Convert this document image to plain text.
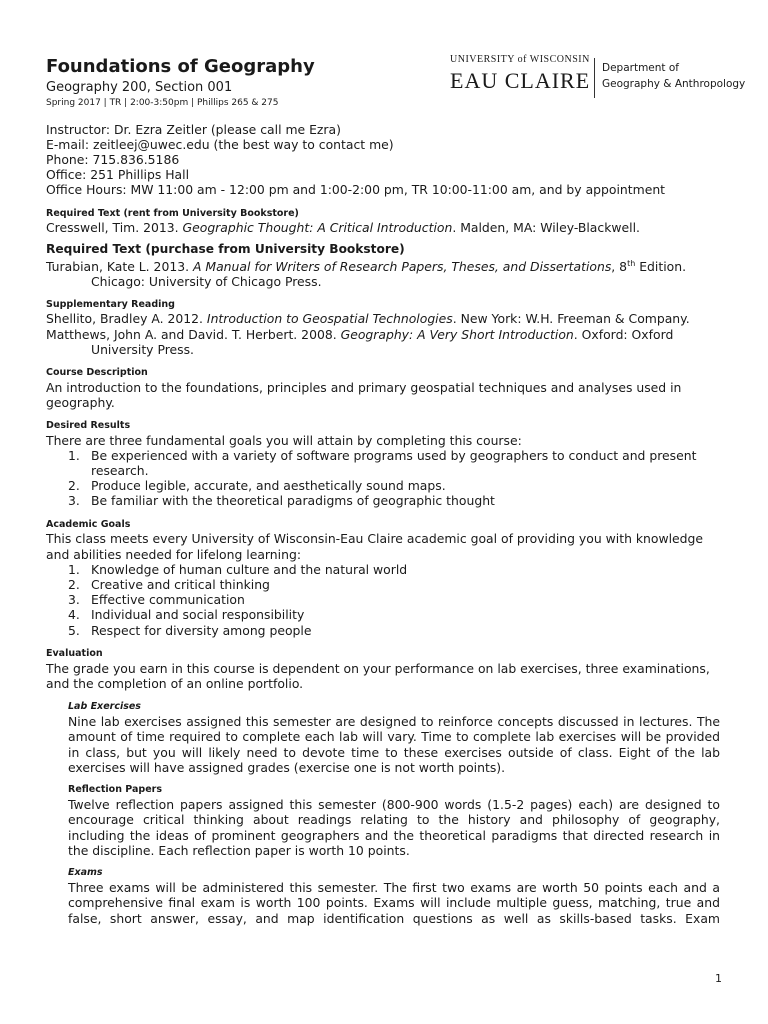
Foundations of Geography
Geography 200, Section 001
Spring 2017 | TR | 2:00-3:50pm | Phillips 265 & 275
UNIVERSITY of WISCONSIN
EAU CLAIRE Department of
Geography & Anthropology
Instructor: Dr. Ezra Zeitler (please call me Ezra)
E-mail: zeitleej@uwec.edu (the best way to contact me)
Phone: 715.836.5186
Office: 251 Phillips Hall
Office Hours: MW 11:00 am - 12:00 pm and 1:00-2:00 pm, TR 10:00-11:00 am, and by appointment
Required Text (rent from University Bookstore)
Cresswell, Tim. 2013. Geographic Thought: A Critical Introduction. Malden, MA: Wiley-Blackwell.
Required Text (purchase from University Bookstore)
Turabian, Kate L. 2013. A Manual for Writers of Research Papers, Theses, and Dissertations, 8th Edition.
Chicago: University of Chicago Press.
Supplementary Reading
Shellito, Bradley A. 2012. Introduction to Geospatial Technologies. New York: W.H. Freeman & Company.
Matthews, John A. and David. T. Herbert. 2008. Geography: A Very Short Introduction. Oxford: Oxford
University Press.
Course Description
An introduction to the foundations, principles and primary geospatial techniques and analyses used in
geography.
Desired Results
There are three fundamental goals you will attain by completing this course:
1. Be experienced with a variety of software programs used by geographers to conduct and present
research.
2. Produce legible, accurate, and aesthetically sound maps.
3. Be familiar with the theoretical paradigms of geographic thought
Academic Goals
This class meets every University of Wisconsin-Eau Claire academic goal of providing you with knowledge
and abilities needed for lifelong learning:
1. Knowledge of human culture and the natural world
2. Creative and critical thinking
3. Effective communication
4. Individual and social responsibility
5. Respect for diversity among people
Evaluation
The grade you earn in this course is dependent on your performance on lab exercises, three examinations,
and the completion of an online portfolio.
Lab Exercises
Nine lab exercises assigned this semester are designed to reinforce concepts discussed in lectures. The
amount of time required to complete each lab will vary. Time to complete lab exercises will be provided
in class, but you will likely need to devote time to these exercises outside of class. Eight of the lab
exercises will have assigned grades (exercise one is not worth points).
Reflection Papers
Twelve reflection papers assigned this semester (800-900 words (1.5-2 pages) each) are designed to
encourage critical thinking about readings relating to the history and philosophy of geography,
including the ideas of prominent geographers and the theoretical paradigms that directed research in
the discipline. Each reflection paper is worth 10 points.
Exams
Three exams will be administered this semester. The first two exams are worth 50 points each and a
comprehensive final exam is worth 100 points. Exams will include multiple guess, matching, true and
false, short answer, essay, and map identification questions as well as skills-based tasks. Exam
1
